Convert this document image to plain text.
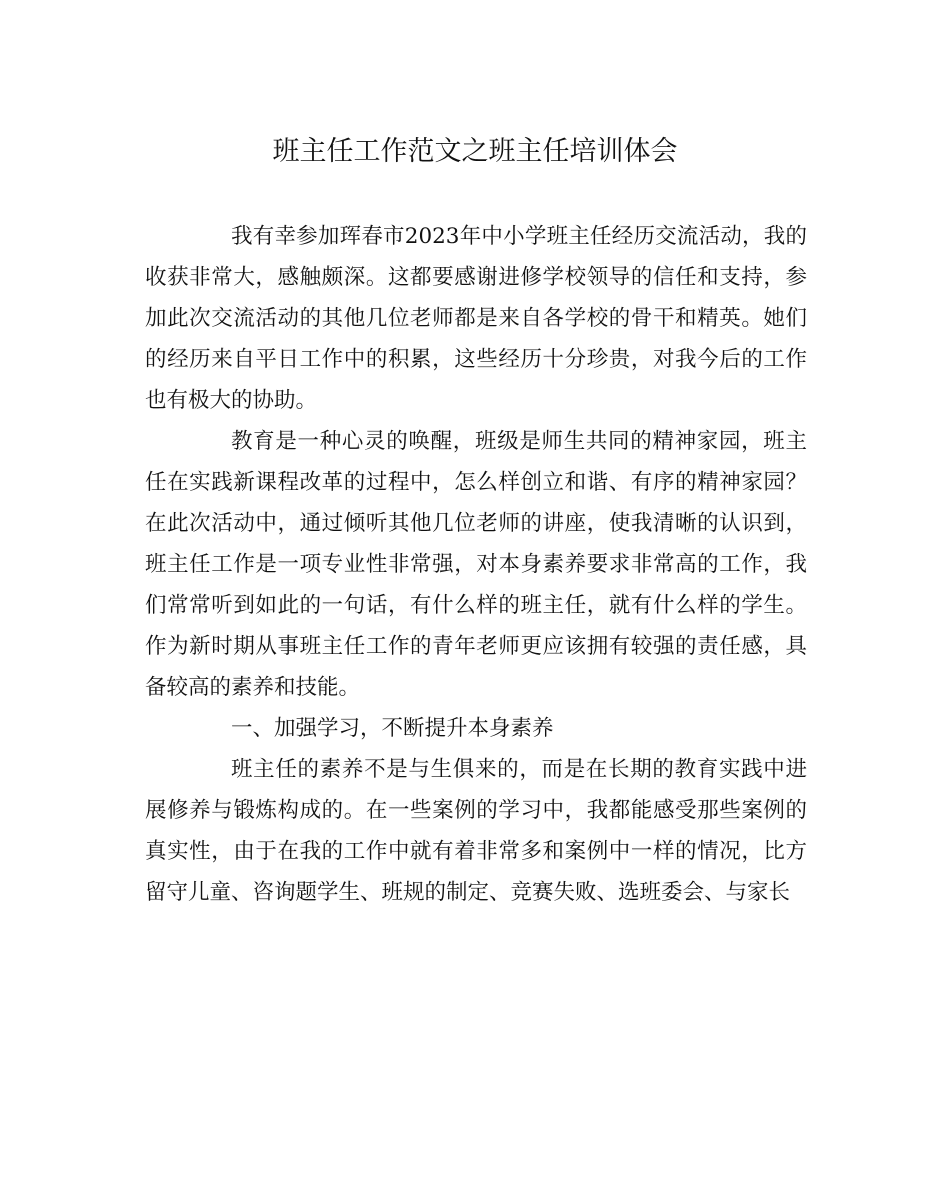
班主任工作范文之班主任培训体会

我有幸参加珲春市2023年中小学班主任经历交流活动，我的收获非常大，感触颇深。这都要感谢进修学校领导的信任和支持，参加此次交流活动的其他几位老师都是来自各学校的骨干和精英。她们的经历来自平日工作中的积累，这些经历十分珍贵，对我今后的工作也有极大的协助。

教育是一种心灵的唤醒，班级是师生共同的精神家园，班主任在实践新课程改革的过程中，怎么样创立和谐、有序的精神家园？在此次活动中，通过倾听其他几位老师的讲座，使我清晰的认识到，班主任工作是一项专业性非常强，对本身素养要求非常高的工作，我们常常听到如此的一句话，有什么样的班主任，就有什么样的学生。作为新时期从事班主任工作的青年老师更应该拥有较强的责任感，具备较高的素养和技能。

一、加强学习，不断提升本身素养

班主任的素养不是与生俱来的，而是在长期的教育实践中进展修养与锻炼构成的。在一些案例的学习中，我都能感受那些案例的真实性，由于在我的工作中就有着非常多和案例中一样的情况，比方留守儿童、咨询题学生、班规的制定、竞赛失败、选班委会、与家长
